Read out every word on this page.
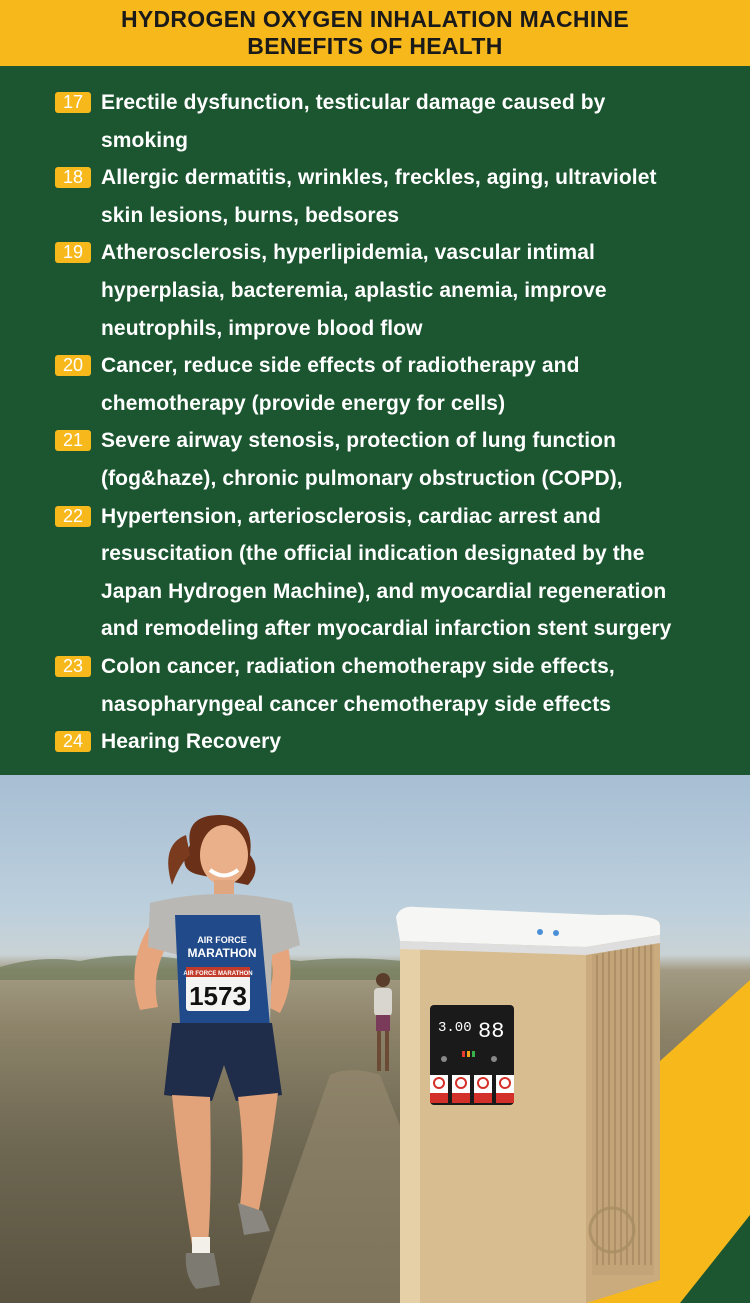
HYDROGEN OXYGEN INHALATION MACHINE
BENEFITS OF HEALTH
17 Erectile dysfunction, testicular damage caused by
smoking
18 Allergic dermatitis, wrinkles, freckles, aging, ultraviolet
skin lesions, burns, bedsores
19 Atherosclerosis, hyperlipidemia, vascular intimal
hyperplasia, bacteremia, aplastic anemia, improve
neutrophils, improve blood flow
20 Cancer, reduce side effects of radiotherapy and
chemotherapy (provide energy for cells)
21 Severe airway stenosis, protection of lung function
(fog&haze), chronic pulmonary obstruction (COPD),
22 Hypertension, arteriosclerosis, cardiac arrest and
resuscitation (the official indication designated by the
Japan Hydrogen Machine), and myocardial regeneration
and remodeling after myocardial infarction stent surgery
23 Colon cancer, radiation chemotherapy side effects,
nasopharyngeal cancer chemotherapy side effects
24 Hearing Recovery
AIR FORCE MARATHON
1573
AIR FORCE
MARATHON
3.00 88
